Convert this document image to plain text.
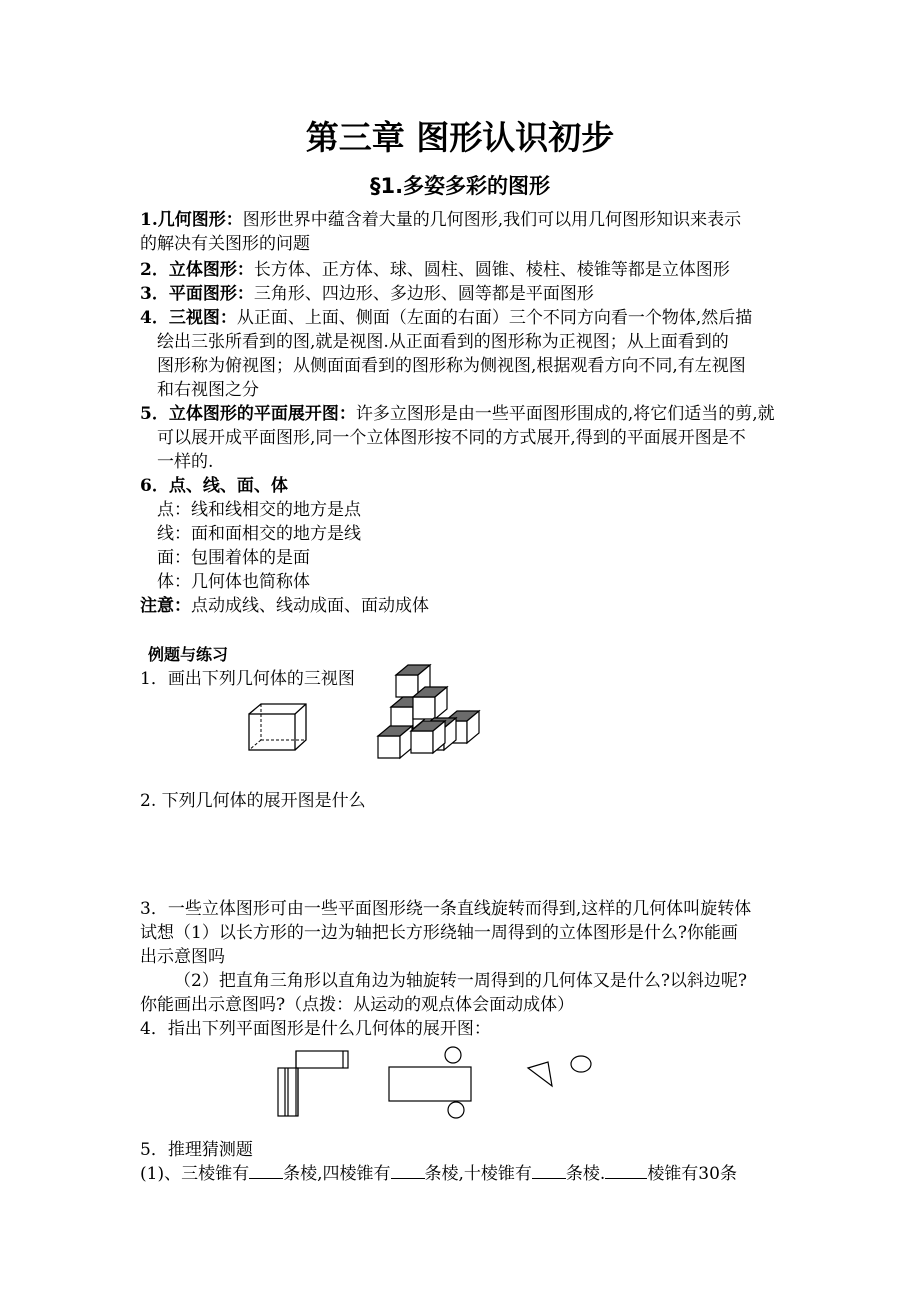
第三章 图形认识初步
§1.多姿多彩的图形
1.几何图形：图形世界中蕴含着大量的几何图形,我们可以用几何图形知识来表示
的解决有关图形的问题
2．立体图形：长方体、正方体、球、圆柱、圆锥、棱柱、棱锥等都是立体图形
3．平面图形：三角形、四边形、多边形、圆等都是平面图形
4．三视图：从正面、上面、侧面（左面的右面）三个不同方向看一个物体,然后描
绘出三张所看到的图,就是视图.从正面看到的图形称为正视图；从上面看到的
图形称为俯视图；从侧面面看到的图形称为侧视图,根据观看方向不同,有左视图
和右视图之分
5．立体图形的平面展开图：许多立图形是由一些平面图形围成的,将它们适当的剪,就
可以展开成平面图形,同一个立体图形按不同的方式展开,得到的平面展开图是不
一样的.
6．点、线、面、体
点：线和线相交的地方是点
线：面和面相交的地方是线
面：包围着体的是面
体：几何体也简称体
注意：点动成线、线动成面、面动成体
例题与练习
1．画出下列几何体的三视图
2. 下列几何体的展开图是什么
3．一些立体图形可由一些平面图形绕一条直线旋转而得到,这样的几何体叫旋转体
试想（1）以长方形的一边为轴把长方形绕轴一周得到的立体图形是什么?你能画
出示意图吗
（2）把直角三角形以直角边为轴旋转一周得到的几何体又是什么?以斜边呢?
你能画出示意图吗?（点拨：从运动的观点体会面动成体）
4．指出下列平面图形是什么几何体的展开图：
5．推理猜测题
(1)、三棱锥有 条棱,四棱锥有 条棱,十棱锥有 条棱. 棱锥有30条
